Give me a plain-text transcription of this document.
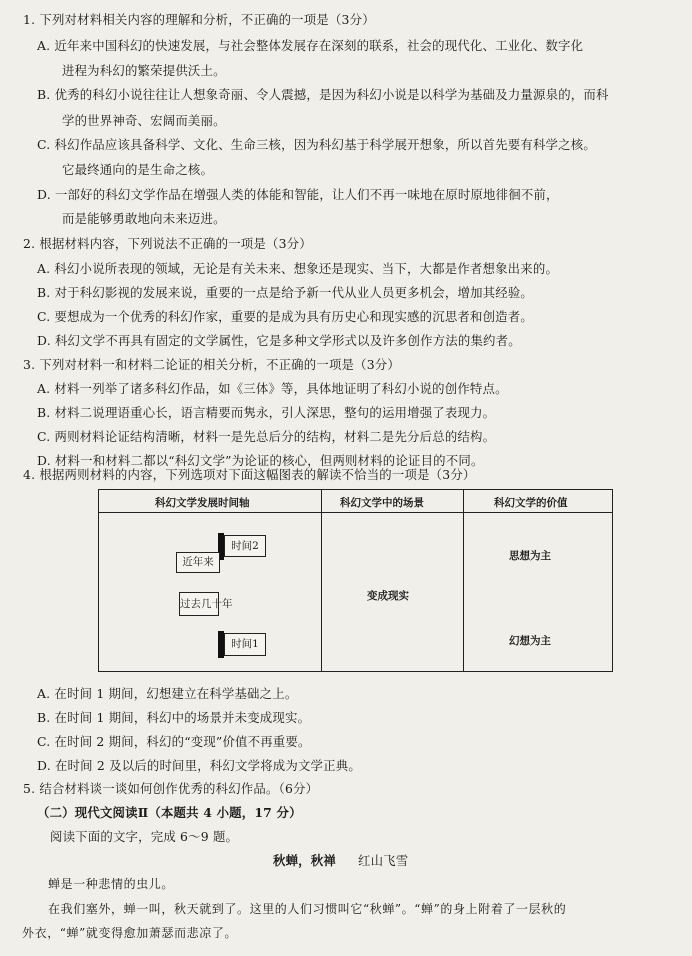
1. 下列对材料相关内容的理解和分析，不正确的一项是（3分）
A. 近年来中国科幻的快速发展，与社会整体发展存在深刻的联系，社会的现代化、工业化、数字化
进程为科幻的繁荣提供沃土。
B. 优秀的科幻小说往往让人想象奇丽、令人震撼，是因为科幻小说是以科学为基础及力量源泉的，而科
学的世界神奇、宏阔而美丽。
C. 科幻作品应该具备科学、文化、生命三核，因为科幻基于科学展开想象，所以首先要有科学之核。
它最终通向的是生命之核。
D. 一部好的科幻文学作品在增强人类的体能和智能，让人们不再一味地在原时原地徘徊不前，
而是能够勇敢地向未来迈进。
2. 根据材料内容，下列说法不正确的一项是（3分）
A. 科幻小说所表现的领域，无论是有关未来、想象还是现实、当下，大都是作者想象出来的。
B. 对于科幻影视的发展来说，重要的一点是给予新一代从业人员更多机会，增加其经验。
C. 要想成为一个优秀的科幻作家，重要的是成为具有历史心和现实感的沉思者和创造者。
D. 科幻文学不再具有固定的文学属性，它是多种文学形式以及许多创作方法的集约者。
3. 下列对材料一和材料二论证的相关分析，不正确的一项是（3分）
A. 材料一列举了诸多科幻作品，如《三体》等，具体地证明了科幻小说的创作特点。
B. 材料二说理语重心长，语言精要而隽永，引人深思，整句的运用增强了表现力。
C. 两则材料论证结构清晰，材料一是先总后分的结构，材料二是先分后总的结构。
D. 材料一和材料二都以“科幻文学”为论证的核心，但两则材料的论证目的不同。
4. 根据两则材料的内容，下列选项对下面这幅图表的解读不恰当的一项是（3分）
科幻文学发展时间轴	科幻文学中的场景	科幻文学的价值
时间2
近年来
过去几十年
时间1
变成现实
思想为主
幻想为主
A. 在时间 1 期间，幻想建立在科学基础之上。
B. 在时间 1 期间，科幻中的场景并未变成现实。
C. 在时间 2 期间，科幻的“变现”价值不再重要。
D. 在时间 2 及以后的时间里，科幻文学将成为文学正典。
5. 结合材料谈一谈如何创作优秀的科幻作品。（6分）
（二）现代文阅读Ⅱ（本题共 4 小题，17 分）
阅读下面的文字，完成 6～9 题。
秋蝉，秋禅 红山飞雪
蝉是一种悲情的虫儿。
在我们塞外，蝉一叫，秋天就到了。这里的人们习惯叫它“秋蝉”。“蝉”的身上附着了一层秋的
外衣，“蝉”就变得愈加萧瑟而悲凉了。
